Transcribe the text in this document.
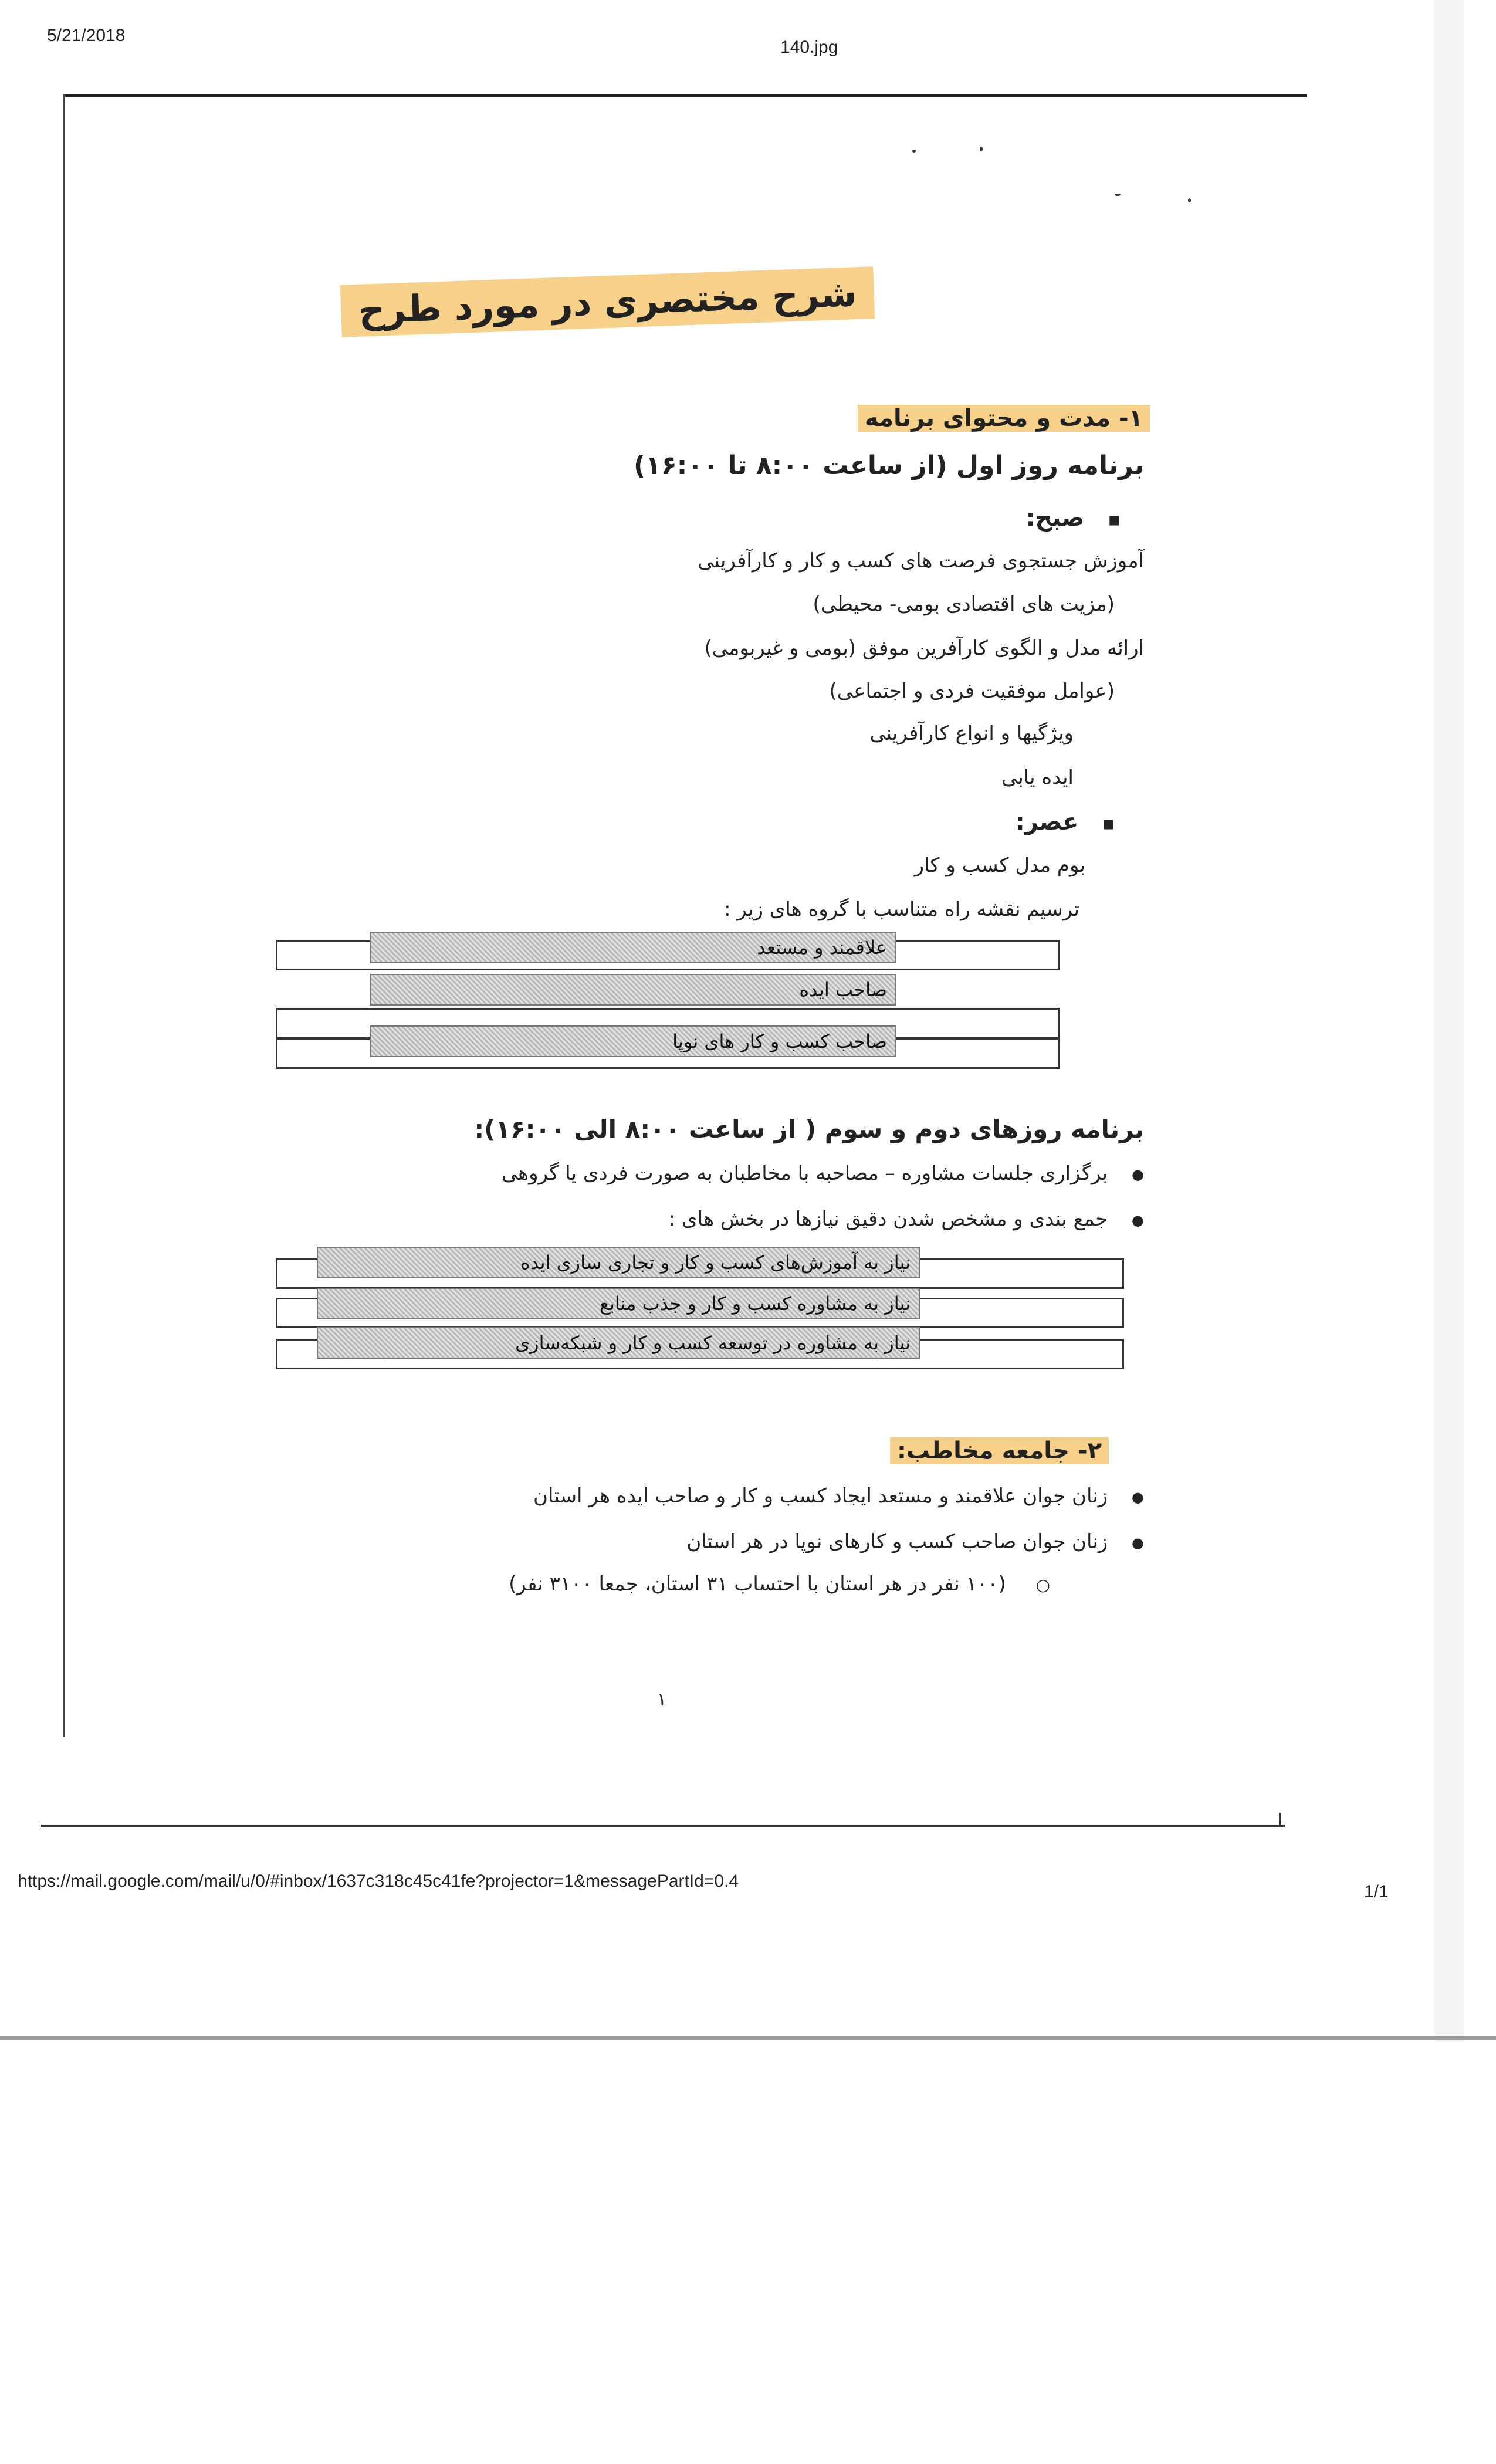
5/21/2018
140.jpg
شرح مختصری در مورد طرح
۱- مدت و محتوای برنامه
برنامه روز اول (از ساعت ۸:۰۰ تا ۱۶:۰۰)
▪ صبح:
آموزش جستجوی فرصت های کسب و کار و کارآفرینی
(مزیت های اقتصادی بومی- محیطی)
ارائه مدل و الگوی کارآفرین موفق (بومی و غیربومی)
(عوامل موفقیت فردی و اجتماعی)
ویژگیها و انواع کارآفرینی
ایده یابی
▪ عصر:
بوم مدل کسب و کار
ترسیم نقشه راه متناسب با گروه های زیر :
علاقمند و مستعد
صاحب ایده
صاحب کسب و کار های نوپا
برنامه روزهای دوم و سوم ( از ساعت ۸:۰۰ الی ۱۶:۰۰):
● برگزاری جلسات مشاوره – مصاحبه با مخاطبان به صورت فردی یا گروهی
● جمع بندی و مشخص شدن دقیق نیازها در بخش های :
نیاز به آموزش‌های کسب و کار و تجاری سازی ایده
نیاز به مشاوره کسب و کار و جذب منابع
نیاز به مشاوره در توسعه کسب و کار و شبکه‌سازی
۲- جامعه مخاطب:
● زنان جوان علاقمند و مستعد ایجاد کسب و کار و صاحب ایده هر استان
● زنان جوان صاحب کسب و کارهای نوپا در هر استان
○ (۱۰۰ نفر در هر استان با احتساب ۳۱ استان، جمعا ۳۱۰۰ نفر)
۱
https://mail.google.com/mail/u/0/#inbox/1637c318c45c41fe?projector=1&messagePartId=0.4
1/1
